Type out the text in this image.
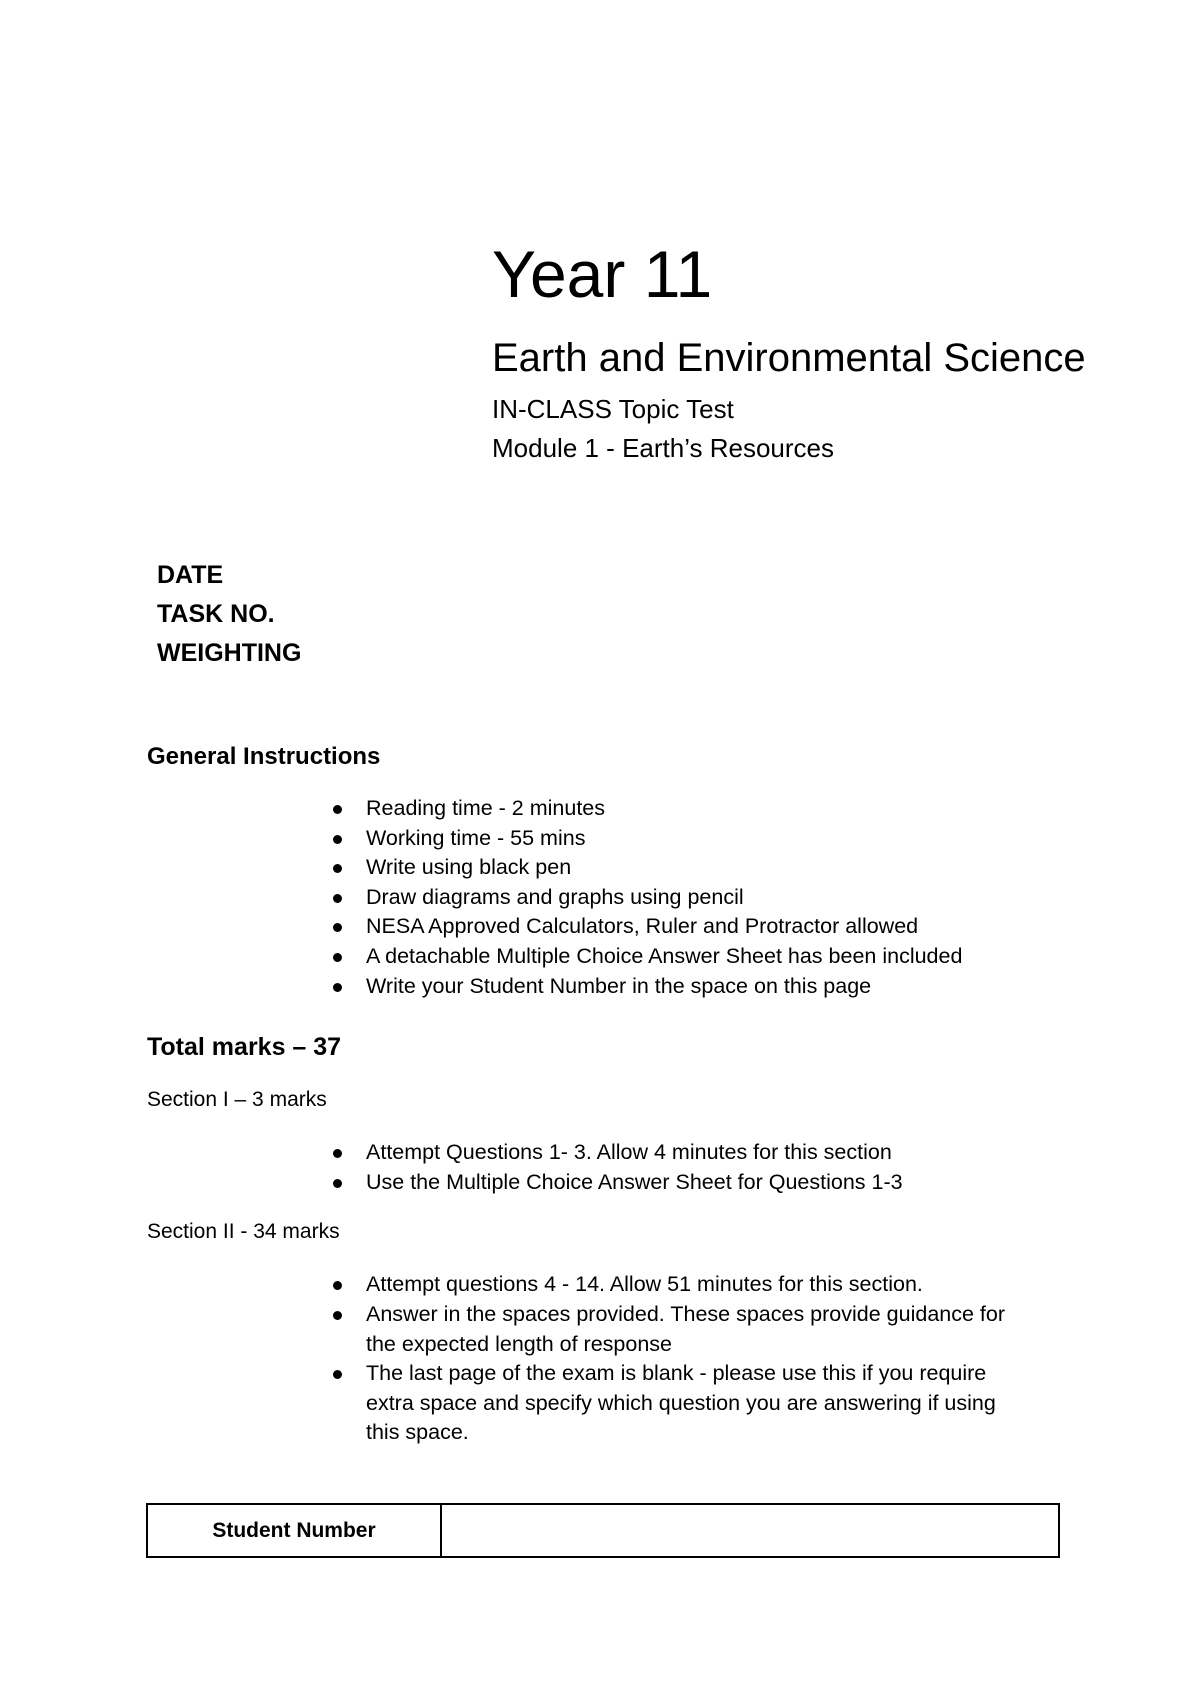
Year 11
Earth and Environmental Science
IN-CLASS Topic Test
Module 1 - Earth’s Resources
DATE
TASK NO.
WEIGHTING
General Instructions
Reading time - 2 minutes
Working time - 55 mins
Write using black pen
Draw diagrams and graphs using pencil
NESA Approved Calculators, Ruler and Protractor allowed
A detachable Multiple Choice Answer Sheet has been included
Write your Student Number in the space on this page
Total marks – 37
Section I – 3 marks
Attempt Questions 1- 3. Allow 4 minutes for this section
Use the Multiple Choice Answer Sheet for Questions 1-3
Section II - 34 marks
Attempt questions 4 - 14. Allow 51 minutes for this section.
Answer in the spaces provided. These spaces provide guidance for the expected length of response
The last page of the exam is blank - please use this if you require extra space and specify which question you are answering if using this space.
Student Number
